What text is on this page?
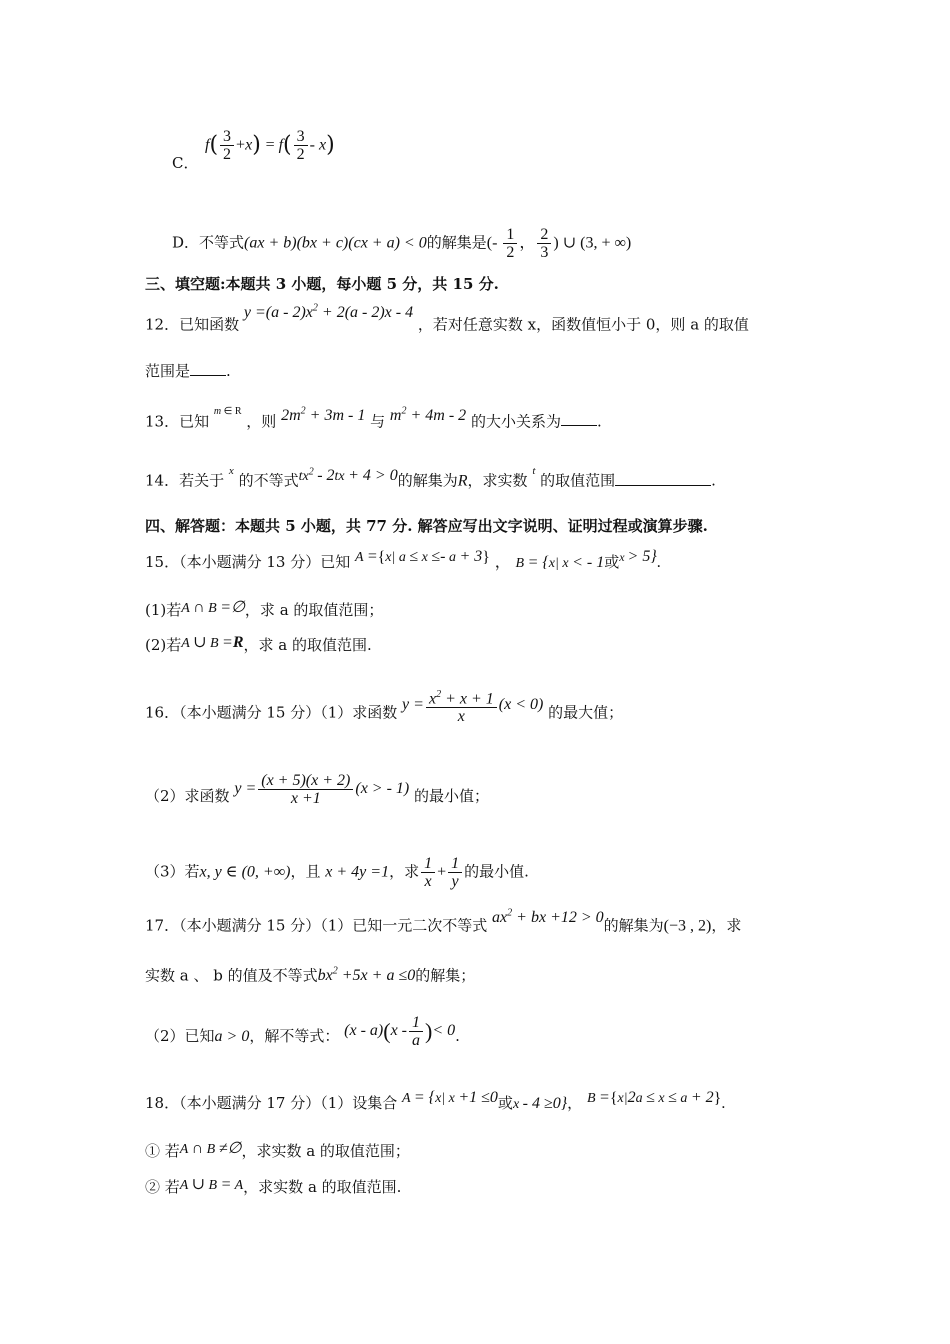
C．
$f( \frac{3}{2} +x) = f( \frac{3}{2} - x)$
D．不等式(ax + b)(bx + c)(cx + a) < 0的解集是(- $\frac{1}{2}$ ， $\frac{2}{3}$ ) ∪ (3, + ∞)
三、填空题:本题共 3 小题，每小题 5 分，共 15 分.
12．已知函数 $y =(a - 2)x^2 + 2(a - 2)x - 4$ ，若对任意实数 x，函数值恒小于 0，则 a 的取值
范围是 .
13．已知 $^{m \in R}$ ，则 $2m^2 + 3m - 1$ 与 $m^2 + 4m - 2$ 的大小关系为 .
14．若关于 $^x$ 的不等式$tx^2 - 2tx + 4 > 0$的解集为R，求实数 $^t$ 的取值范围	.
四、解答题：本题共 5 小题，共 77 分. 解答应写出文字说明、证明过程或演算步骤.
15．（本小题满分 13 分）已知 A ={x| a ≤ x ≤- a + 3} ， B = {x| x < - 1或$^{x > 5\}}$.
(1)若A ∩ B =∅，求 a 的取值范围；
(2)若A ∪ B =R，求 a 的取值范围.
16．（本小题满分 15 分）（1）求函数 $y = \frac{x^2 + x + 1}{x} (x < 0)$ 的最大值；
（2）求函数 $y = \frac{(x + 5)(x + 2)}{x +1} (x$ > - 1) 的最小值；
（3）若x, y ∈ (0, +∞)，且 x + 4y =1，求 $\frac{1}{x} + \frac{1}{y}$ 的最小值.
17．（本小题满分 15 分）（1）已知一元二次不等式 $ax^2$ + bx +12 > 0的解集为(−3 , 2)，求
实数 a 、 b 的值及不等式$bx^2 +5x + a \le 0$的解集；
（2）已知a > 0，解不等式： $(x - a)(x - \frac{1}{a}$ )< 0.
18．（本小题满分 17 分）（1）设集合 A = {x| x +1 ≤0或x - 4 ≥0}， B ={x|2a ≤ x ≤ a + 2}.
① 若A ∩ B ≠∅，求实数 a 的取值范围；
② 若A ∪ B = A，求实数 a 的取值范围.
